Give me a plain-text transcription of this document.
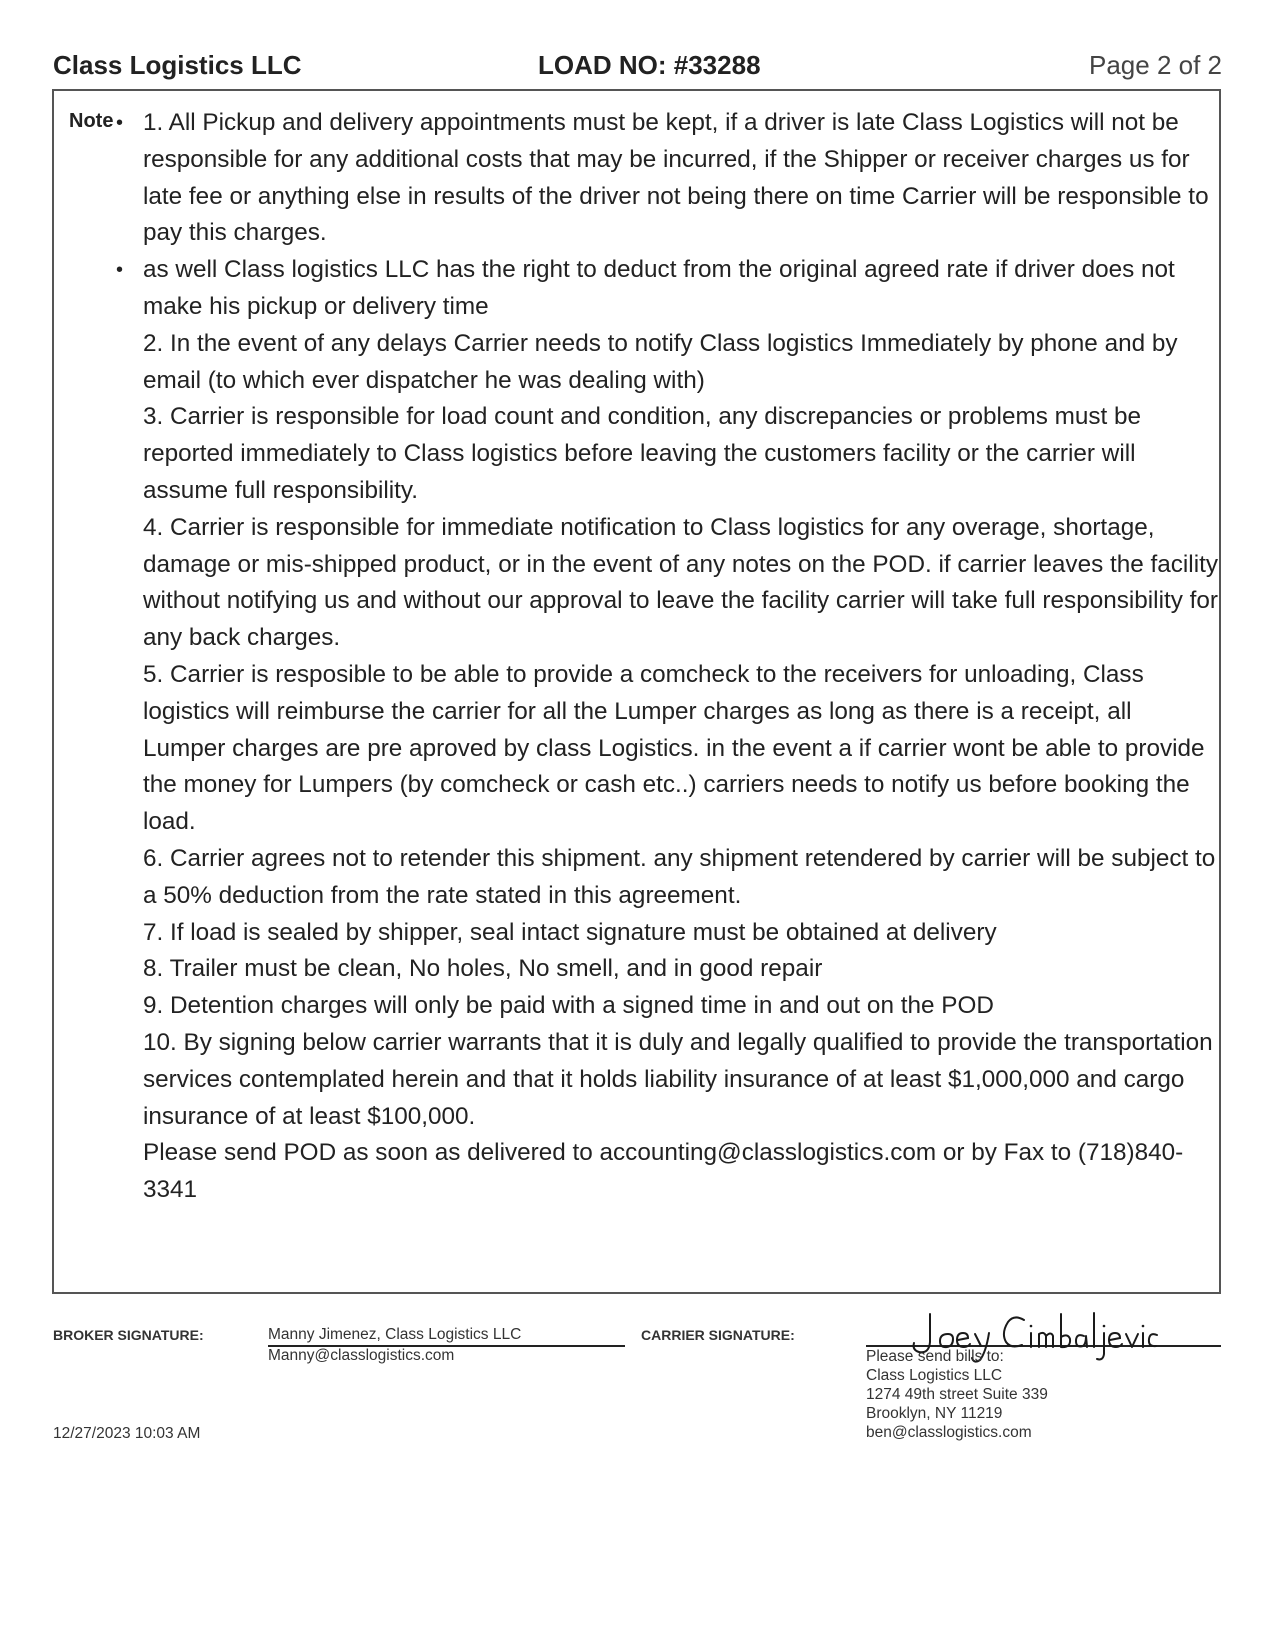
Class Logistics LLC	LOAD NO: #33288	Page 2 of 2
Note • 1. All Pickup and delivery appointments must be kept, if a driver is late Class Logistics will not be responsible for any additional costs that may be incurred, if the Shipper or receiver charges us for late fee or anything else in results of the driver not being there on time Carrier will be responsible to pay this charges.
• as well Class logistics LLC has the right to deduct from the original agreed rate if driver does not make his pickup or delivery time
2. In the event of any delays Carrier needs to notify Class logistics Immediately by phone and by email (to which ever dispatcher he was dealing with)
3. Carrier is responsible for load count and condition, any discrepancies or problems must be reported immediately to Class logistics before leaving the customers facility or the carrier will assume full responsibility.
4. Carrier is responsible for immediate notification to Class logistics for any overage, shortage, damage or mis-shipped product, or in the event of any notes on the POD. if carrier leaves the facility without notifying us and without our approval to leave the facility carrier will take full responsibility for any back charges.
5. Carrier is resposible to be able to provide a comcheck to the receivers for unloading, Class logistics will reimburse the carrier for all the Lumper charges as long as there is a receipt, all Lumper charges are pre aproved by class Logistics. in the event a if carrier wont be able to provide the money for Lumpers (by comcheck or cash etc..) carriers needs to notify us before booking the load.
6. Carrier agrees not to retender this shipment. any shipment retendered by carrier will be subject to a 50% deduction from the rate stated in this agreement.
7. If load is sealed by shipper, seal intact signature must be obtained at delivery
8. Trailer must be clean, No holes, No smell, and in good repair
9. Detention charges will only be paid with a signed time in and out on the POD
10. By signing below carrier warrants that it is duly and legally qualified to provide the transportation services contemplated herein and that it holds liability insurance of at least $1,000,000 and cargo insurance of at least $100,000.
Please send POD as soon as delivered to accounting@classlogistics.com or by Fax to (718)840-3341
BROKER SIGNATURE:	Manny Jimenez, Class Logistics LLC
Manny@classlogistics.com
CARRIER SIGNATURE:
Please send bills to:
Class Logistics LLC
1274 49th street Suite 339
Brooklyn, NY 11219
ben@classlogistics.com
12/27/2023 10:03 AM
